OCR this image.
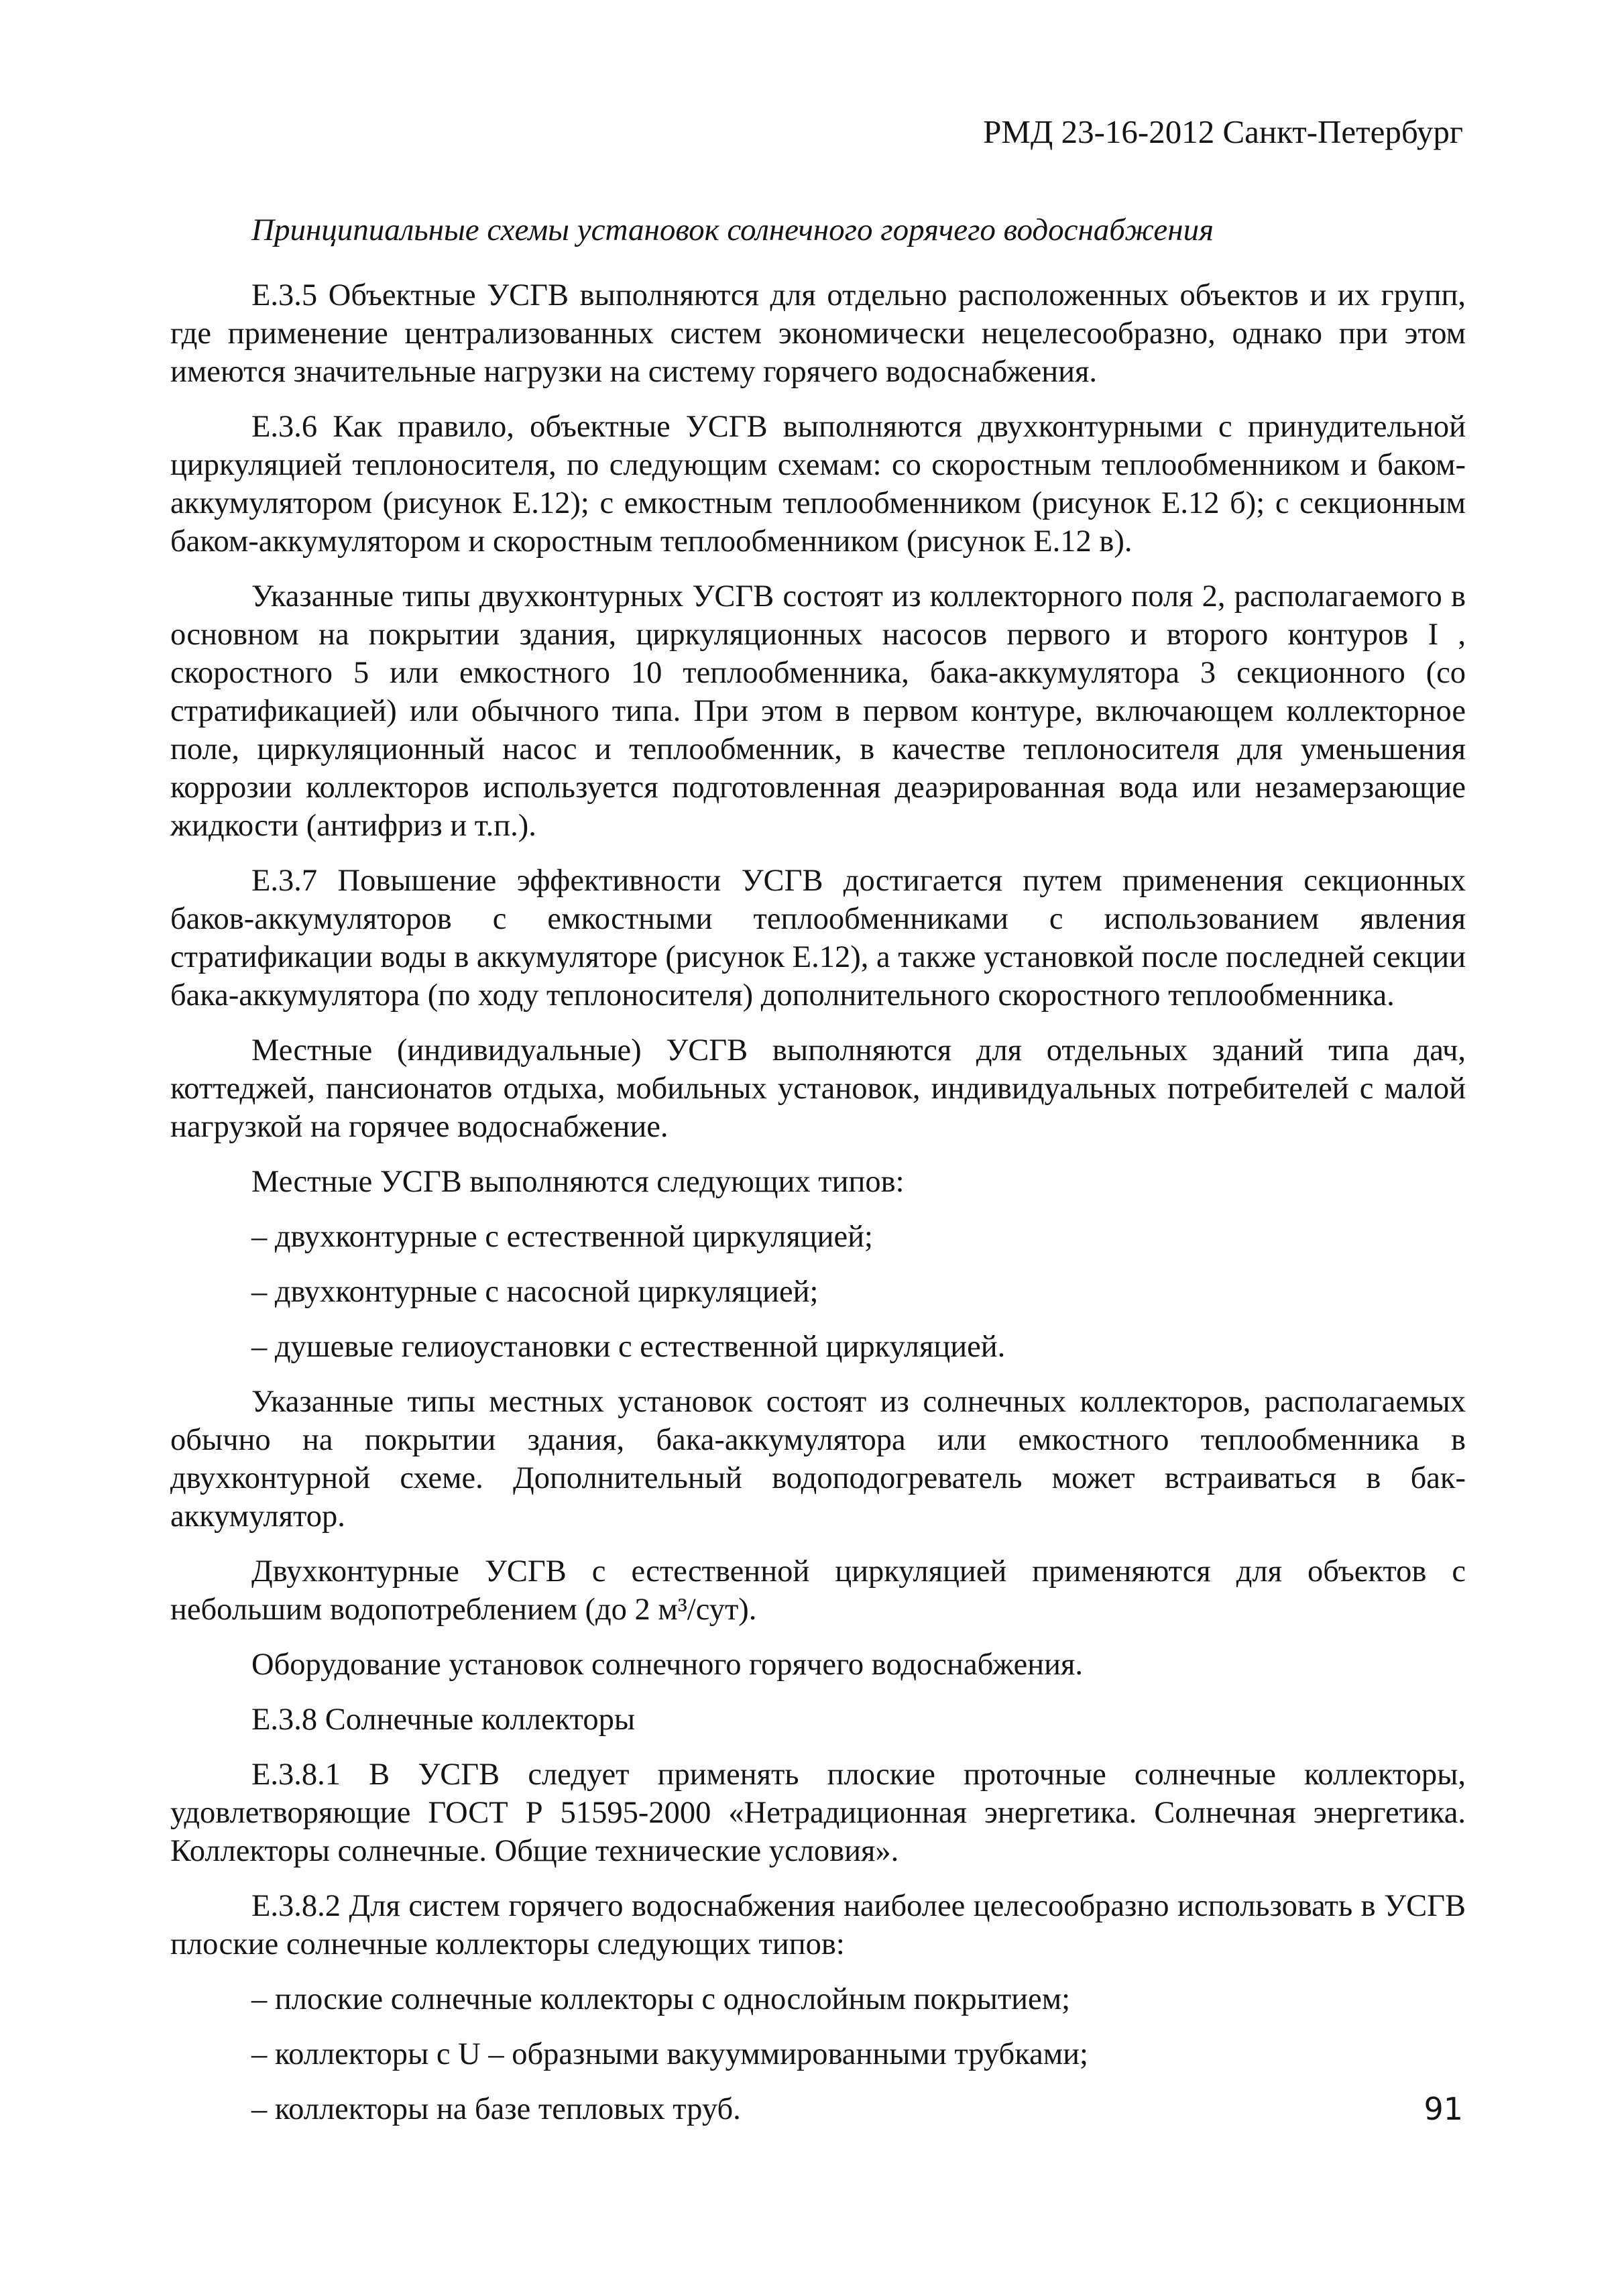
РМД 23-16-2012 Санкт-Петербург
Принципиальные схемы установок солнечного горячего водоснабжения

Е.3.5 Объектные УСГВ выполняются для отдельно расположенных объектов и их групп, где применение централизованных систем экономически нецелесообразно, однако при этом имеются значительные нагрузки на систему горячего водоснабжения.

Е.3.6 Как правило, объектные УСГВ выполняются двухконтурными с принудительной циркуляцией теплоносителя, по следующим схемам: со скоростным теплообменником и баком-аккумулятором (рисунок Е.12); с емкостным теплообменником (рисунок Е.12 б); с секционным баком-аккумулятором и скоростным теплообменником (рисунок Е.12 в).

Указанные типы двухконтурных УСГВ состоят из коллекторного поля 2, располагаемого в основном на покрытии здания, циркуляционных насосов первого и второго контуров I , скоростного 5 или емкостного 10 теплообменника, бака-аккумулятора 3 секционного (со стратификацией) или обычного типа. При этом в первом контуре, включающем коллекторное поле, циркуляционный насос и теплообменник, в качестве теплоносителя для уменьшения коррозии коллекторов используется подготовленная деаэрированная вода или незамерзающие жидкости (антифриз и т.п.).

Е.3.7 Повышение эффективности УСГВ достигается путем применения секционных баков-аккумуляторов с емкостными теплообменниками с использованием явления стратификации воды в аккумуляторе (рисунок Е.12), а также установкой после последней секции бака-аккумулятора (по ходу теплоносителя) дополнительного скоростного теплообменника.

Местные (индивидуальные) УСГВ выполняются для отдельных зданий типа дач, коттеджей, пансионатов отдыха, мобильных установок, индивидуальных потребителей с малой нагрузкой на горячее водоснабжение.

Местные УСГВ выполняются следующих типов:

– двухконтурные с естественной циркуляцией;

– двухконтурные с насосной циркуляцией;

– душевые гелиоустановки с естественной циркуляцией.

Указанные типы местных установок состоят из солнечных коллекторов, располагаемых обычно на покрытии здания, бака-аккумулятора или емкостного теплообменника в двухконтурной схеме. Дополнительный водоподогреватель может встраиваться в бак-аккумулятор.

Двухконтурные УСГВ с естественной циркуляцией применяются для объектов с небольшим водопотреблением (до 2 м³/сут).

Оборудование установок солнечного горячего водоснабжения.

Е.3.8 Солнечные коллекторы

Е.3.8.1 В УСГВ следует применять плоские проточные солнечные коллекторы, удовлетворяющие ГОСТ Р 51595-2000 «Нетрадиционная энергетика. Солнечная энергетика. Коллекторы солнечные. Общие технические условия».

Е.3.8.2 Для систем горячего водоснабжения наиболее целесообразно использовать в УСГВ плоские солнечные коллекторы следующих типов:

– плоские солнечные коллекторы с однослойным покрытием;

– коллекторы с U – образными вакууммированными трубками;

– коллекторы на базе тепловых труб.	91
